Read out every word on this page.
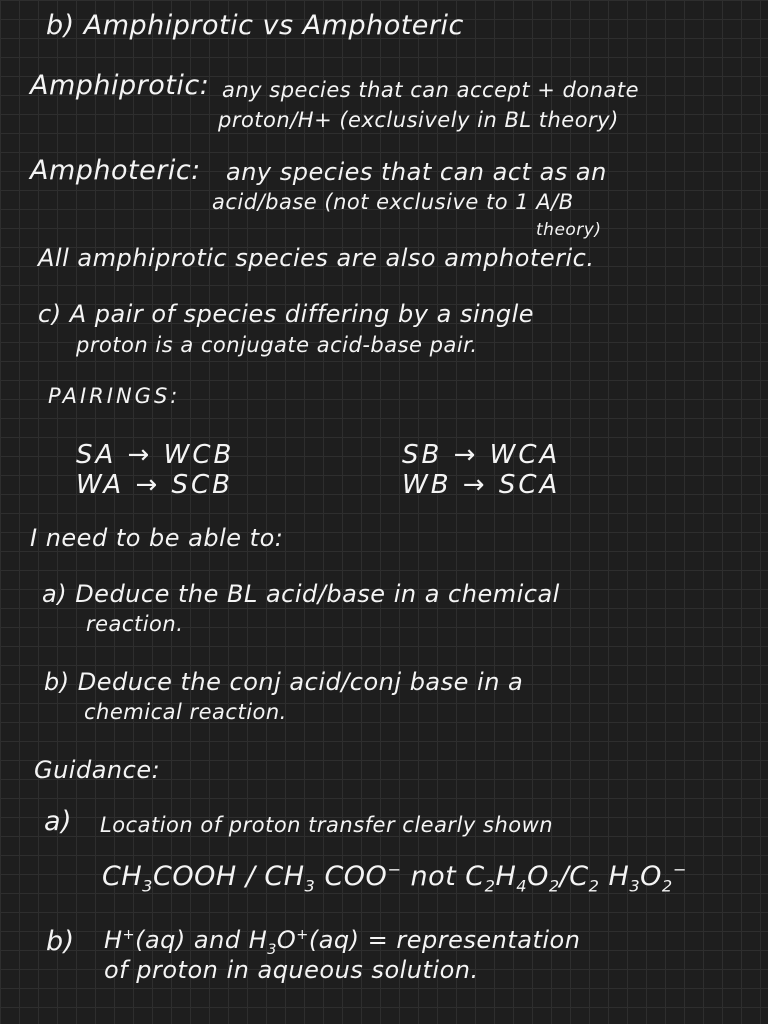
b) Amphiprotic vs Amphoteric
Amphiprotic: any species that can accept + donate
proton/H+ (exclusively in BL theory)
Amphoteric: any species that can act as an
acid/base (not exclusive to 1 A/B
theory)
All amphiprotic species are also amphoteric.
c) A pair of species differing by a single
proton is a conjugate acid-base pair.
PAIRINGS:
SA → WCB	SB → WCA
WA → SCB	WB → SCA
I need to be able to:
a) Deduce the BL acid/base in a chemical
reaction.
b) Deduce the conj acid/conj base in a
chemical reaction.
Guidance:
a) Location of proton transfer clearly shown
$CH_3COOH / CH_3$ COO− not $C_2H_4O_2/C_2$ $H_3O_2^-$
b) H+(aq) and $H_3O^+(aq)$ = representation
of proton in aqueous solution.
